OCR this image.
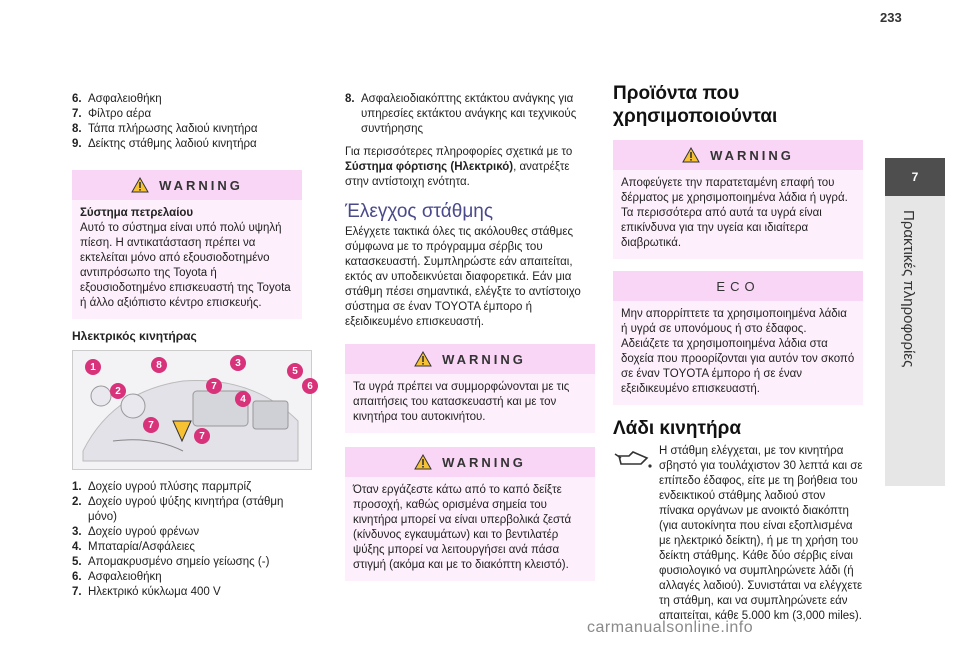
233
6. Ασφαλειοθήκη
7. Φίλτρο αέρα
8. Τάπα πλήρωσης λαδιού κινητήρα
9. Δείκτης στάθμης λαδιού κινητήρα
WARNING

Σύστημα πετρελαίου

Αυτό το σύστημα είναι υπό πολύ υψηλή πίεση. Η αντικατάσταση πρέπει να εκτελείται μόνο από εξουσιοδοτημένο αντιπρόσωπο της Toyota ή εξουσιοδοτημένο επισκευαστή της Toyota ή άλλο αξιόπιστο κέντρο επισκευής.

Ηλεκτρικός κινητήρας
1	8	3
5
2	7	6
4
7
7
1. Δοχείο υγρού πλύσης παρμπρίζ
2. Δοχείο υγρού ψύξης κινητήρα (στάθμη μόνο)
3. Δοχείο υγρού φρένων
4. Μπαταρία/Ασφάλειες
5. Απομακρυσμένο σημείο γείωσης (-)
6. Ασφαλειοθήκη
7. Ηλεκτρικό κύκλωμα 400 V
8. Ασφαλειοδιακόπτης εκτάκτου ανάγκης για υπηρεσίες εκτάκτου ανάγκης και τεχνικούς συντήρησης

Για περισσότερες πληροφορίες σχετικά με το Σύστημα φόρτισης (Ηλεκτρικό), ανατρέξτε στην αντίστοιχη ενότητα.

Έλεγχος στάθμης

Ελέγχετε τακτικά όλες τις ακόλουθες στάθμες σύμφωνα με το πρόγραμμα σέρβις του κατασκευαστή. Συμπληρώστε εάν απαιτείται, εκτός αν υποδεικνύεται διαφορετικά. Εάν μια στάθμη πέσει σημαντικά, ελέγξτε το αντίστοιχο σύστημα σε έναν TOYOTA έμπορο ή εξειδικευμένο επισκευαστή.

WARNING

Τα υγρά πρέπει να συμμορφώνονται με τις απαιτήσεις του κατασκευαστή και με τον κινητήρα του αυτοκινήτου.

WARNING

Όταν εργάζεστε κάτω από το καπό δείξτε προσοχή, καθώς ορισμένα σημεία του κινητήρα μπορεί να είναι υπερβολικά ζεστά (κίνδυνος εγκαυμάτων) και το βεντιλατέρ ψύξης μπορεί να λειτουργήσει ανά πάσα στιγμή (ακόμα και με το διακόπτη κλειστό).

Προϊόντα που χρησιμοποιούνται
WARNING

Αποφεύγετε την παρατεταμένη επαφή του δέρματος με χρησιμοποιημένα λάδια ή υγρά. Τα περισσότερα από αυτά τα υγρά είναι επικίνδυνα για την υγεία και ιδιαίτερα διαβρωτικά.

ECO

Μην απορρίπτετε τα χρησιμοποιημένα λάδια ή υγρά σε υπονόμους ή στο έδαφος. Αδειάζετε τα χρησιμοποιημένα λάδια στα δοχεία που προορίζονται για αυτόν τον σκοπό σε έναν TOYOTA έμπορο ή σε έναν εξειδικευμένο επισκευαστή.

Λάδι κινητήρα

Η στάθμη ελέγχεται, με τον κινητήρα σβηστό για τουλάχιστον 30 λεπτά και σε επίπεδο έδαφος, είτε με τη βοήθεια του ενδεικτικού στάθμης λαδιού στον πίνακα οργάνων με ανοικτό διακόπτη (για αυτοκίνητα που είναι εξοπλισμένα με ηλεκτρικό δείκτη), ή με τη χρήση του δείκτη στάθμης. Κάθε δύο σέρβις είναι φυσιολογικό να συμπληρώνετε λάδι (ή αλλαγές λαδιού). Συνιστάται να ελέγχετε τη στάθμη, και να συμπληρώνετε εάν απαιτείται, κάθε 5.000 km (3,000 miles).

7
Πρακτικές πληροφορίες
carmanualsonline.info
